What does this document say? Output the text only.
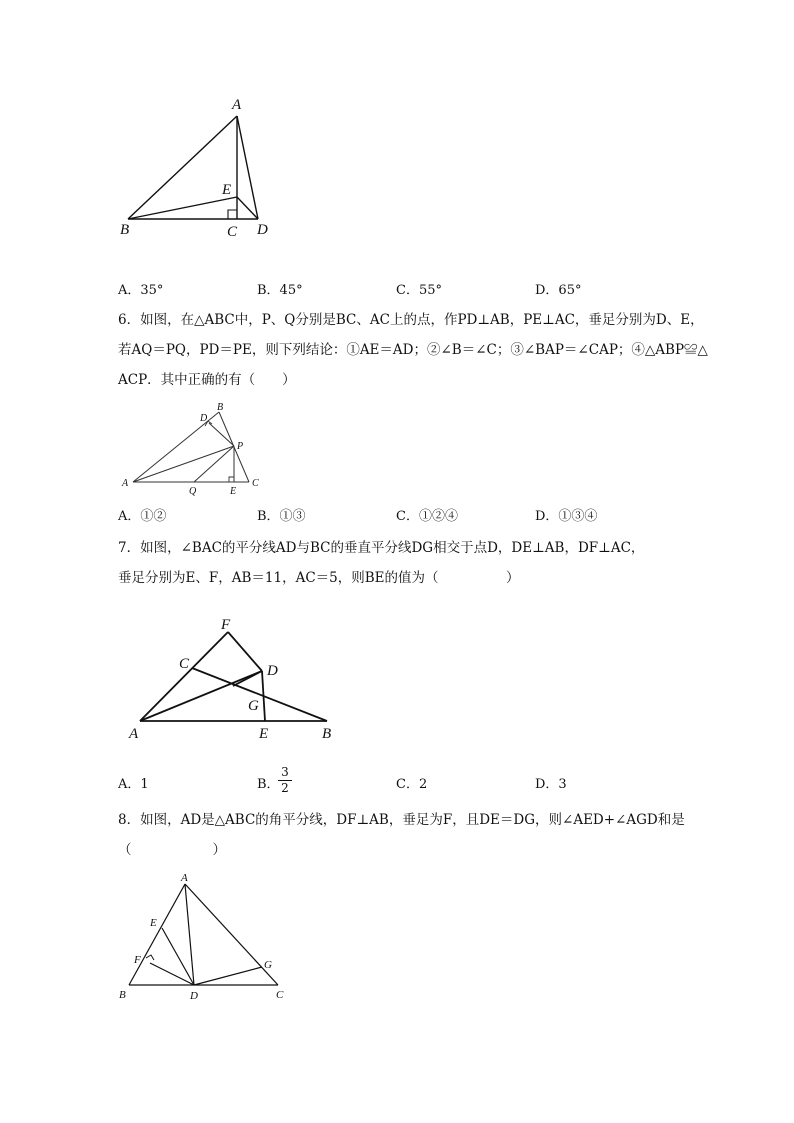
A
B	C D
E
A．35°	B．45°	C．55°	D．65°
6．如图，在△ABC中，P、Q分别是BC、AC上的点，作PD⊥AB，PE⊥AC，垂足分别为D、E，
若AQ＝PQ，PD＝PE，则下列结论：①AE＝AD；②∠B＝∠C；③∠BAP＝∠CAP；④△ABP≌△
ACP．其中正确的有（　　）
B
D
P
A
Q	E
C
A．①②	B．①③	C．①②④	D．①③④
7．如图，∠BAC的平分线AD与BC的垂直平分线DG相交于点D，DE⊥AB，DF⊥AC，
垂足分别为E、F，AB＝11，AC＝5，则BE的值为（　　　　　）
F
C	D
G
A	E	B
A．1	B．
$\frac{3}{2}$	C．2	D．3
8．如图，AD是△ABC的角平分线，DF⊥AB，垂足为F，且DE＝DG，则∠AED+∠AGD和是
（　　　　　　）
A
E
F	G
B	D	C
